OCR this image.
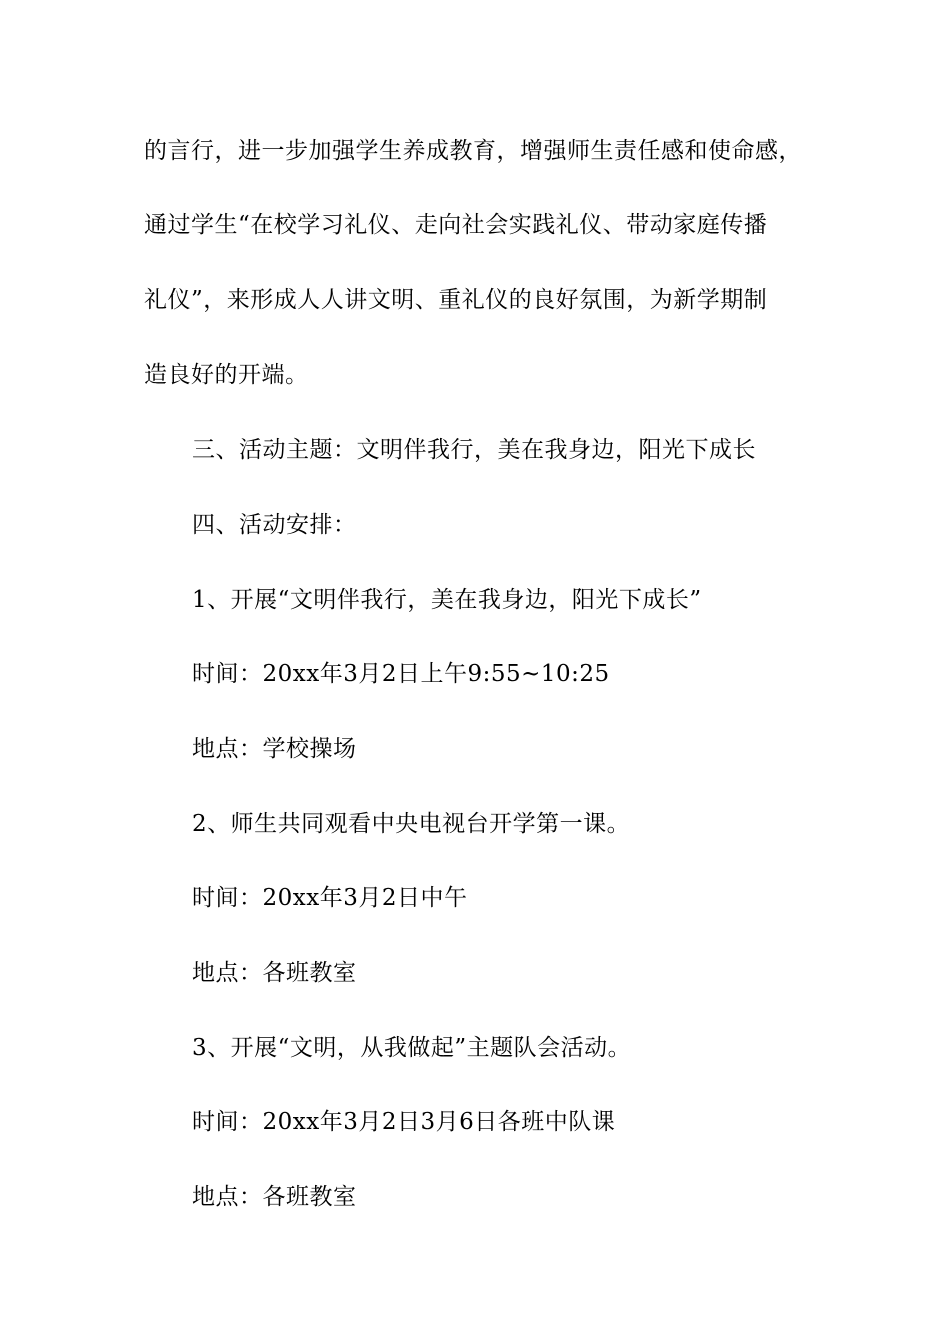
的言行，进一步加强学生养成教育，增强师生责任感和使命感，
通过学生“在校学习礼仪、走向社会实践礼仪、带动家庭传播
礼仪”，来形成人人讲文明、重礼仪的良好氛围，为新学期制
造良好的开端。
三、活动主题：文明伴我行，美在我身边，阳光下成长
四、活动安排：
1、开展“文明伴我行，美在我身边，阳光下成长”
时间：20xx年3月2日上午9:55~10:25
地点：学校操场
2、师生共同观看中央电视台开学第一课。
时间：20xx年3月2日中午
地点：各班教室
3、开展“文明，从我做起”主题队会活动。
时间：20xx年3月2日3月6日各班中队课
地点：各班教室
